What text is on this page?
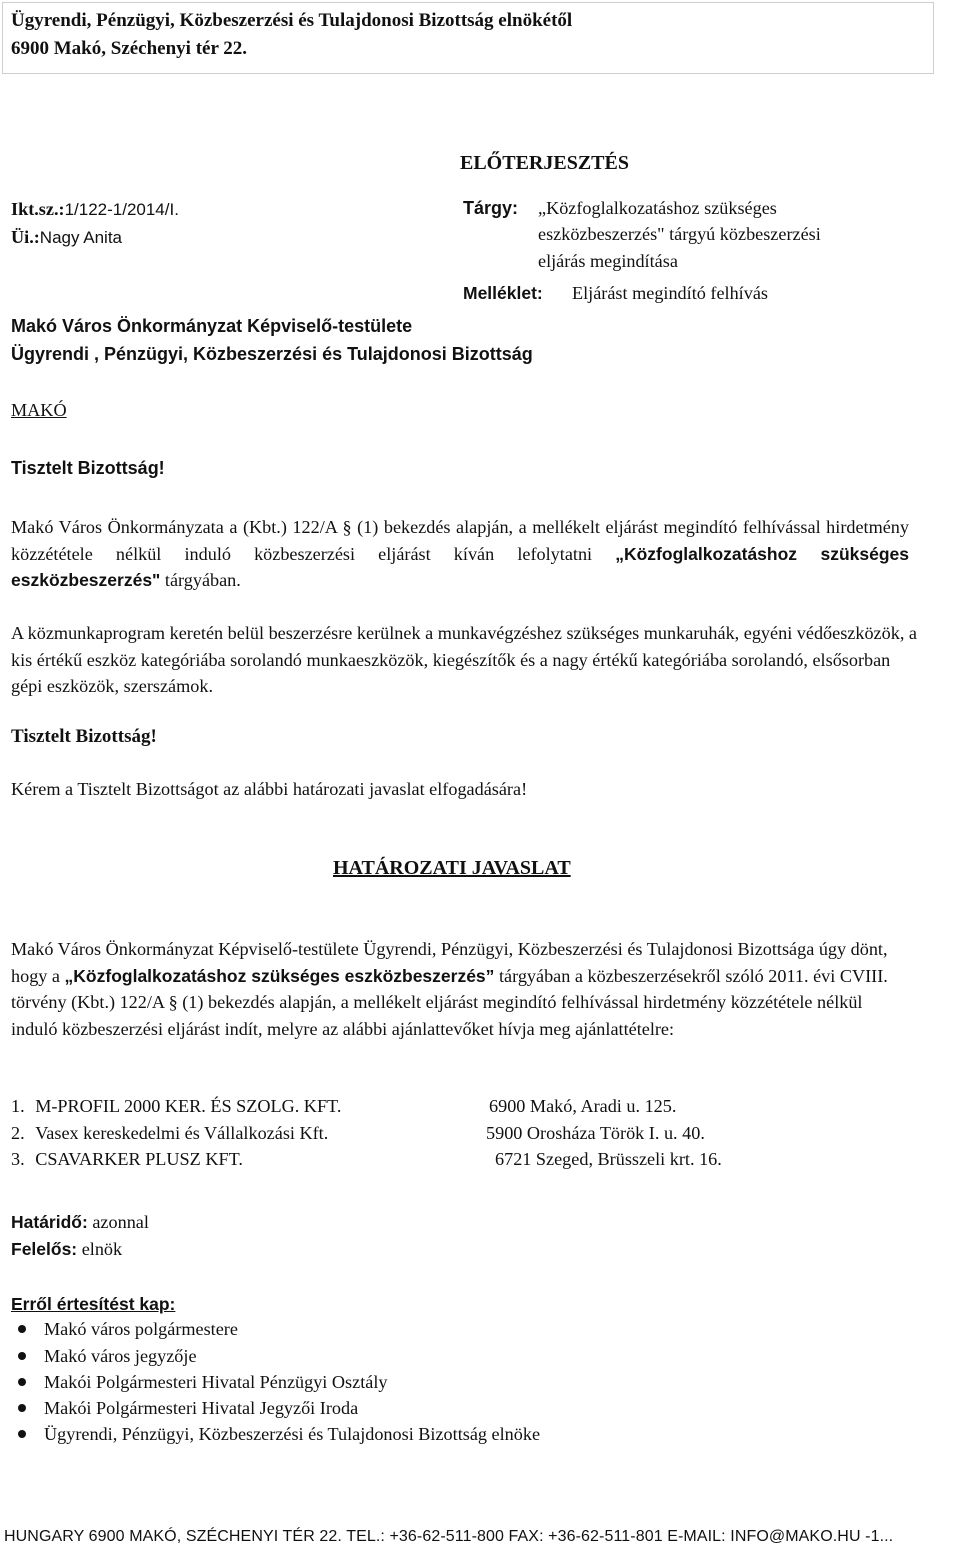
Ügyrendi, Pénzügyi, Közbeszerzési és Tulajdonosi Bizottság elnökétől
6900 Makó, Széchenyi tér 22.
ELŐTERJESZTÉS
Ikt.sz.:1/122-1/2014/I.
Üi.:Nagy Anita
Tárgy: „Közfoglalkozatáshoz szükséges
eszközbeszerzés" tárgyú közbeszerzési
eljárás megindítása
Melléklet: Eljárást megindító felhívás
Makó Város Önkormányzat Képviselő-testülete
Ügyrendi , Pénzügyi, Közbeszerzési és Tulajdonosi Bizottság
MAKÓ
Tisztelt Bizottság!
Makó Város Önkormányzata a (Kbt.) 122/A § (1) bekezdés alapján, a mellékelt eljárást megindító felhívással hirdetmény közzététele nélkül induló közbeszerzési eljárást kíván lefolytatni „Közfoglalkozatáshoz szükséges eszközbeszerzés" tárgyában.
A közmunkaprogram keretén belül beszerzésre kerülnek a munkavégzéshez szükséges munkaruhák, egyéni védőeszközök, a kis értékű eszköz kategóriába sorolandó munkaeszközök, kiegészítők és a nagy értékű kategóriába sorolandó, elsősorban gépi eszközök, szerszámok.
Tisztelt Bizottság!
Kérem a Tisztelt Bizottságot az alábbi határozati javaslat elfogadására!
HATÁROZATI JAVASLAT
Makó Város Önkormányzat Képviselő-testülete Ügyrendi, Pénzügyi, Közbeszerzési és Tulajdonosi Bizottsága úgy dönt, hogy a „Közfoglalkozatáshoz szükséges eszközbeszerzés” tárgyában a közbeszerzésekről szóló 2011. évi CVIII. törvény (Kbt.) 122/A § (1) bekezdés alapján, a mellékelt eljárást megindító felhívással hirdetmény közzététele nélkül induló közbeszerzési eljárást indít, melyre az alábbi ajánlattevőket hívja meg ajánlattételre:
1. M-PROFIL 2000 KER. ÉS SZOLG. KFT.	6900 Makó, Aradi u. 125.
2. Vasex kereskedelmi és Vállalkozási Kft.	5900 Orosháza Török I. u. 40.
3. CSAVARKER PLUSZ KFT.	6721 Szeged, Brüsszeli krt. 16.
Határidő: azonnal
Felelős: elnök
Erről értesítést kap:
Makó város polgármestere
Makó város jegyzője
Makói Polgármesteri Hivatal Pénzügyi Osztály
Makói Polgármesteri Hivatal Jegyzői Iroda
Ügyrendi, Pénzügyi, Közbeszerzési és Tulajdonosi Bizottság elnöke
HUNGARY 6900 MAKÓ, SZÉCHENYI TÉR 22. TEL.: +36-62-511-800 FAX: +36-62-511-801 E-MAIL: INFO@MAKO.HU -1...
